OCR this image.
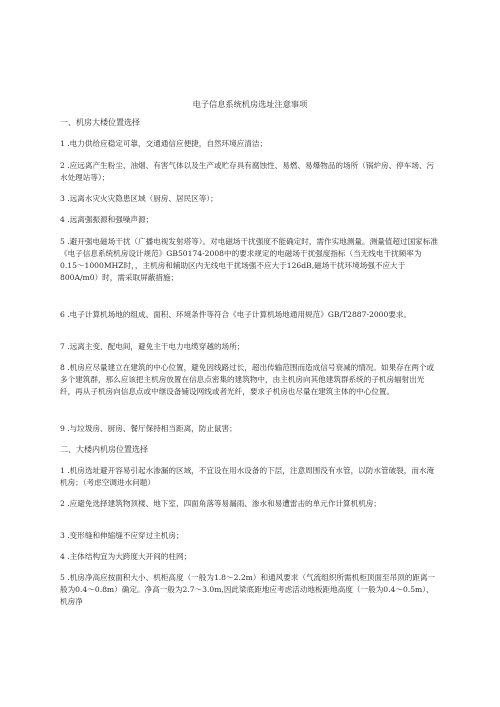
电子信息系统机房选址注意事项
一、机房大楼位置选择
1 .电力供给应稳定可靠，交通通信应便捷，自然环境应清洁；
2 .应远离产生粉尘、油烟、有害气体以及生产或贮存具有腐蚀性、易燃、易爆物品的场所（锅炉房、停车场、污水处理站等）；
3 .远离水灾火灾隐患区域（厨房、居民区等）；
4 .远离强振源和强噪声源；
5 .避开强电磁场干扰（广播电视发射塔等）。对电磁场干扰强度不能确定时，需作实地测量。测量值超过国家标准《电子信息系统机房设计规范》GB50174-2008中的要求规定的电磁场干扰强度指标（当无线电干扰频率为0.15～1000MHZ时，，主机房和辅助区内无线电干扰场强不应大于126dB,磁场干扰环境场强不应大于800A/m0）时，需采取屏蔽措施；
6 .电子计算机场地的组成、面积、环境条件等符合《电子计算机场地通用规范》GB/T2887-2000要求。
7 .远离主变、配电间，避免主干电力电缆穿越的场所；
8 .机房应尽量建立在建筑的中心位置，避免因线路过长，超出传输范围而造成信号衰减的情况。如果存在两个或多个建筑群，那么应该把主机房放置在信息点密集的建筑物中，由主机房向其他建筑群系统的子机房辐射出光纤，再从子机房向信息点或中继设备铺设网线或者光纤，要求子机房也尽量在建筑主体的中心位置。
9 .与垃圾房、厨房、餐厅保持相当距离，防止鼠害；
二、大楼内机房位置选择
1 .机房选址避开容易引起水渗漏的区域，不宜设在用水设备的下层，注意周围没有水管，以防水管破裂，而水淹机房；（考虑空调进水问题）
2 .应避免选择建筑物顶楼、地下室、四面角落等易漏雨、渗水和易遭雷击的单元作计算机机房；
3 .变形缝和伸缩缝不应穿过主机房；
4 .主体结构宜为大跨度大开间的柱网；
5 .机房净高应按面积大小、机柜高度（一般为1.8～2.2m）和通风要求（气流组织所需机柜顶面至吊顶的距离一般为0.4～0.8m）确定。净高一般为2.7～3.0m,因此梁底距地应考虑活动地板距地高度（一般为0.4～0.5m）、机房净
